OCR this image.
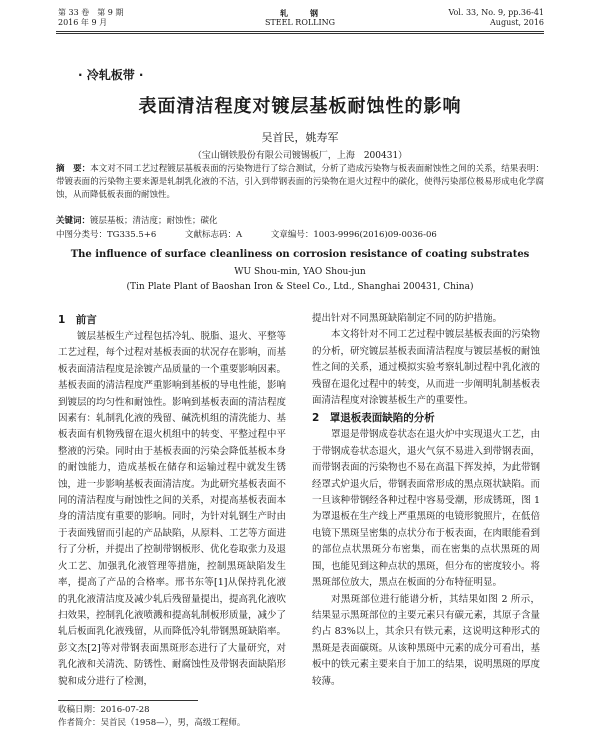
第 33 卷　第 9 期
2016 年 9 月
轧　　钢
STEEL ROLLING
Vol. 33, No. 9, pp.36-41
August, 2016
· 冷轧板带 ·
表面清洁程度对镀层基板耐蚀性的影响
吴首民，姚寿军
（宝山钢铁股份有限公司镀锡板厂，上海　200431）
摘　要：本文对不同工艺过程镀层基板表面的污染物进行了综合测试，分析了造成污染物与板表面耐蚀性之间的关系，结果表明：带镀表面的污染物主要来源是轧制乳化液的不洁，引入到带钢表面的污染物在退火过程中的碳化，使得污染部位极易形成电化学腐蚀，从而降低板表面的耐蚀性。
关键词：镀层基板；清洁度；耐蚀性；碳化
中图分类号：TG335.5+6	文献标志码：A	文章编号：1003-9996(2016)09-0036-06
The influence of surface cleanliness on corrosion resistance of coating substrates
WU Shou-min, YAO Shou-jun
(Tin Plate Plant of Baoshan Iron & Steel Co., Ltd., Shanghai 200431, China)
1　前言

镀层基板生产过程包括冷轧、脱脂、退火、平整等工艺过程，每个过程对基板表面的状况存在影响，而基板表面清洁程度是涂镀产品质量的一个重要影响因素。基板表面的清洁程度严重影响到基板的导电性能，影响到镀层的均匀性和耐蚀性。影响到基板表面的清洁程度因素有：轧制乳化液的残留、碱洗机组的清洗能力、基板表面有机物残留在退火机组中的转变、平整过程中平整液的污染。同时由于基板表面的污染会降低基板本身的耐蚀能力，造成基板在储存和运输过程中就发生锈蚀，进一步影响基板表面清洁度。为此研究基板表面不同的清洁程度与耐蚀性之间的关系，对提高基板表面本身的清洁度有重要的影响。同时，为针对轧钢生产时由于表面残留而引起的产品缺陷，从原料、工艺等方面进行了分析，并提出了控制带钢板形、优化卷取张力及退火工艺、加强乳化液管理等措施，控制黑斑缺陷发生率，提高了产品的合格率。邢书东等[1]从保持乳化液的乳化液清洁度及减少轧后残留量提出，提高乳化液吹扫效果，控制乳化液喷溅和提高轧制板形质量，减少了轧后板面乳化液残留，从而降低冷轧带钢黑斑缺陷率。彭文杰[2]等对带钢表面黑斑形态进行了大量研究，对乳化液和关清洗、防锈性、耐腐蚀性及带钢表面缺陷形貌和成分进行了检测，

提出针对不同黑斑缺陷制定不同的防护措施。

本文将针对不同工艺过程中镀层基板表面的污染物的分析，研究镀层基板表面清洁程度与镀层基板的耐蚀性之间的关系，通过模拟实验考察轧制过程中乳化液的残留在退化过程中的转变，从而进一步阐明轧制基板表面清洁程度对涂镀基板生产的重要性。

2　罩退板表面缺陷的分析

罩退是带钢成卷状态在退火炉中实现退火工艺，由于带钢成卷状态退火，退火气氛不易进入到带钢表面，而带钢表面的污染物也不易在高温下挥发掉，为此带钢经罩式炉退火后，带钢表面常形成的黑点斑状缺陷。而一旦该种带钢经各种过程中容易受潮，形成锈斑，图 1 为罩退板在生产线上严重黑斑的电镜形貌照片，在低倍电镜下黑斑呈密集的点状分布于板表面，在肉眼能看到的部位点状黑斑分布密集，而在密集的点状黑斑的周围，也能见到这种点状的黑斑，但分布的密度较小。将黑斑部位放大，黑点在板面的分布特征明显。

对黑斑部位进行能谱分析，其结果如图 2 所示，结果显示黑斑部位的主要元素只有碳元素，其原子含量约占 83%以上，其余只有铁元素，这说明这种形式的黑斑是表面碳斑。从该种黑斑中元素的成分可看出，基板中的铁元素主要来自于加工的结果，说明黑斑的厚度较薄。

收稿日期：2016-07-28
作者简介：吴首民（1958—），男，高级工程师。
